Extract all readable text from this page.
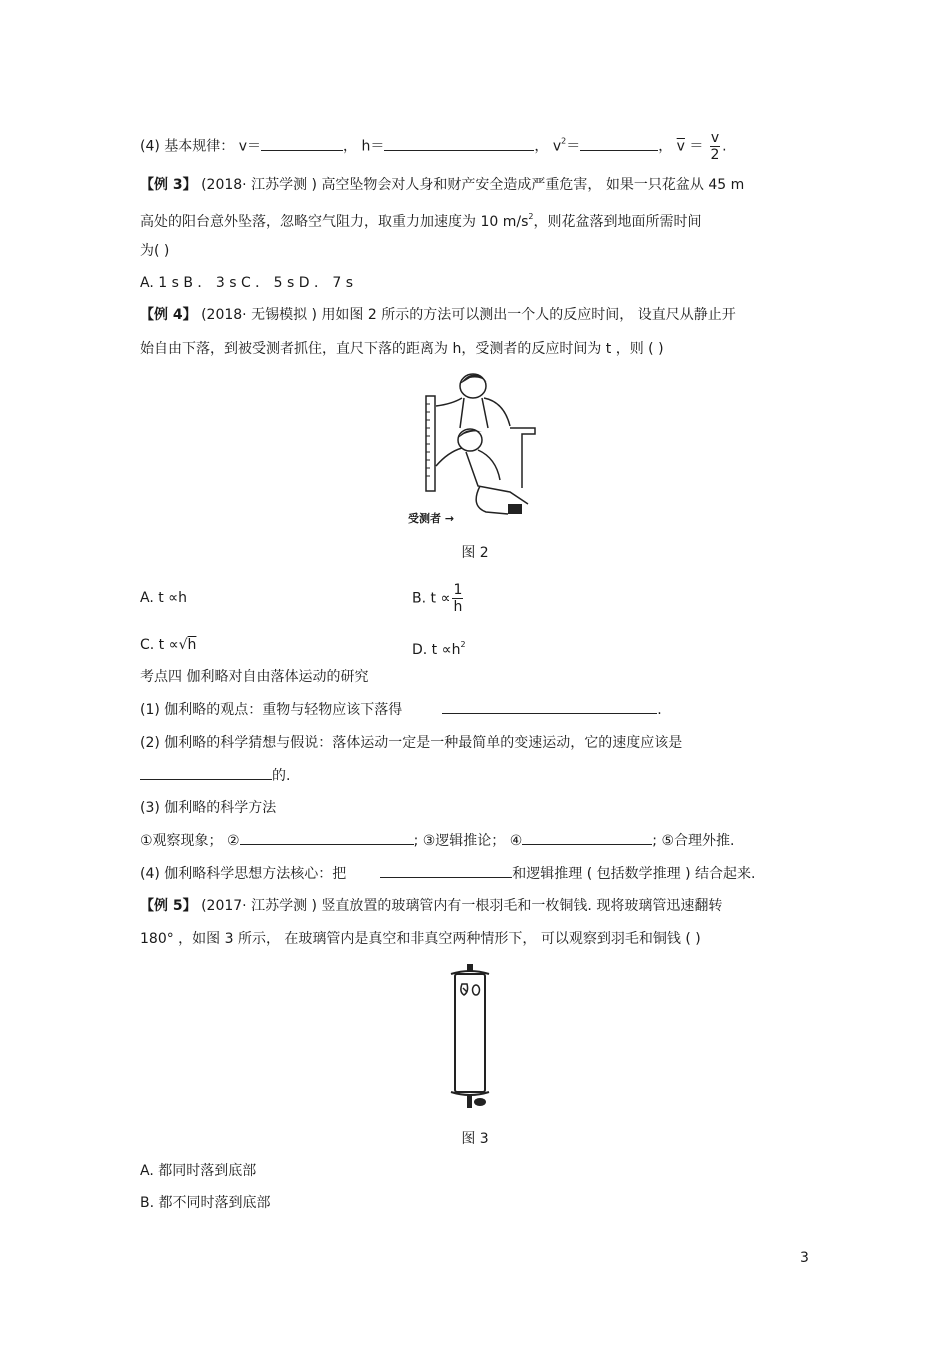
(4) 基本规律： v＝	， h＝	， $v^2=$	， $\overline{v} = \frac{v}{2}$ .
【例 3】 (2018· 江苏学测 ) 高空坠物会对人身和财产安全造成严重危害， 如果一只花盆从 45 m
高处的阳台意外坠落，忽略空气阻力，取重力加速度为 10 $m/s^2$，则花盆落到地面所需时间
为( )
A. 1 s B ． 3 s C ． 5 s D ． 7 s
【例 4】 (2018· 无锡模拟 ) 用如图 2 所示的方法可以测出一个人的反应时间， 设直尺从静止开
始自由下落，到被受测者抓住，直尺下落的距离为 h，受测者的反应时间为 t ，则 ( )
受测者 →
图 2
A. t ∝h	B. $t \propto \frac{1}{h}$
C. t ∝√h	D. $t \propto h^2$
考点四 伽利略对自由落体运动的研究
(1) 伽利略的观点：重物与轻物应该下落得	.
(2) 伽利略的科学猜想与假说：落体运动一定是一种最简单的变速运动，它的速度应该是
的.
(3) 伽利略的科学方法
①观察现象； ②	; ③逻辑推论； ④	; ⑤合理外推.
(4) 伽利略科学思想方法核心：把	和逻辑推理 ( 包括数学推理 ) 结合起来.
【例 5】 (2017· 江苏学测 ) 竖直放置的玻璃管内有一根羽毛和一枚铜钱. 现将玻璃管迅速翻转
180° ，如图 3 所示， 在玻璃管内是真空和非真空两种情形下， 可以观察到羽毛和铜钱 ( )
图 3
A. 都同时落到底部
B. 都不同时落到底部
3
